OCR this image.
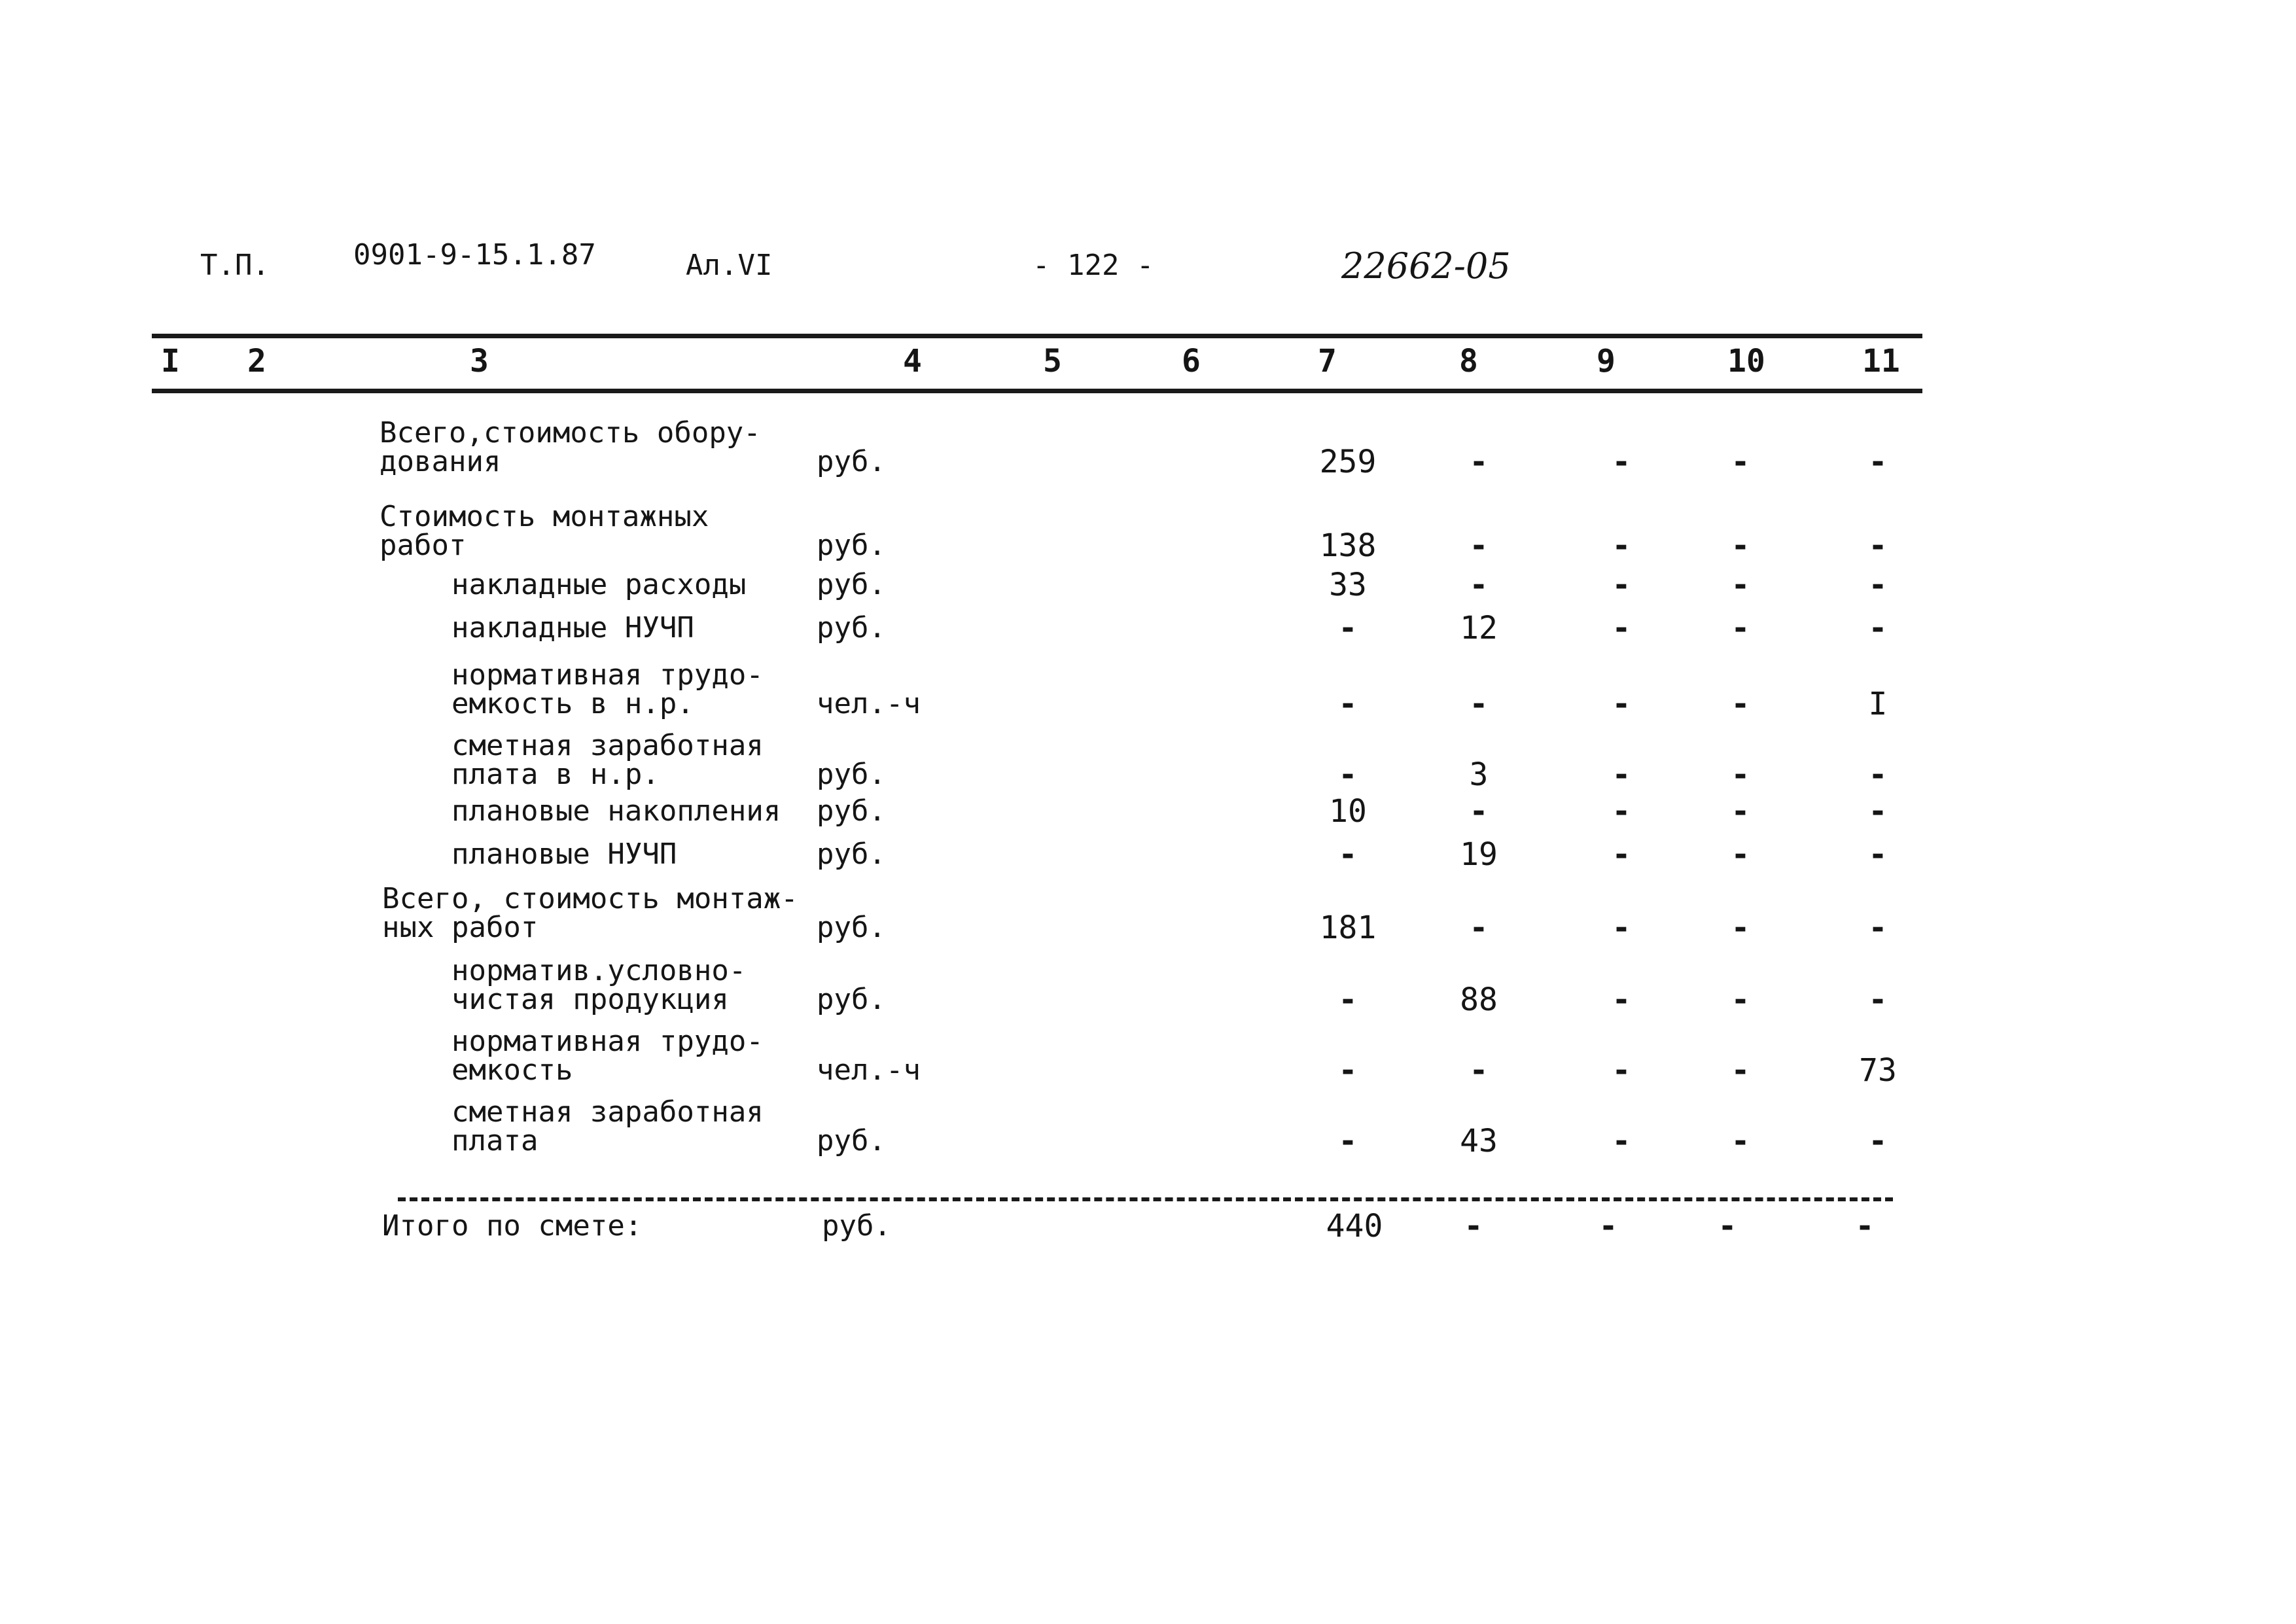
Т.П.	0901-9-15.1.87	Ал.VI	- 122 -	22662-05
I 2	3	4	5	6	7	8	9	10	11
Всего,стоимость обору-
дования	руб.	259	-	-	-	-
Стоимость монтажных
работ	руб.	138	-	-	-	-
накладные расходы руб.	33	-	-	-	-
накладные НУЧП	руб.	-	12	-	-	-
нормативная трудо-
емкость в н.р.	чел.-ч	-	-	-	-	I
сметная заработная
плата в н.р.	руб.	-	3	-	-	-
плановые накопления руб.	10	-	-	-	-
плановые НУЧП	руб.	-	19	-	-	-
Всего, стоимость монтаж-
ных работ	руб.	181	-	-	-	-
норматив.условно-
чистая продукция	руб.	-	88	-	-	-
нормативная трудо-
емкость	чел.-ч	-	-	-	-	73
сметная заработная
плата	руб.	-	43	-	-	-
Итого по смете:	руб.	440	-	-	-	-
